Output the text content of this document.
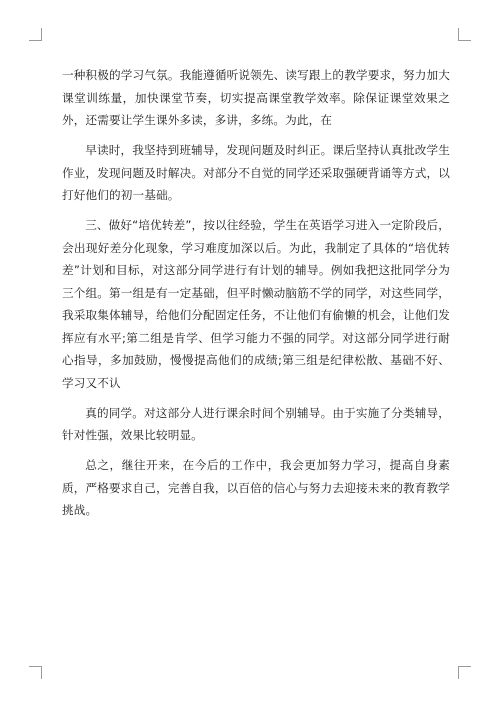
一种积极的学习气氛。我能遵循听说领先、读写跟上的教学要求，努力加大课堂训练量，加快课堂节奏，切实提高课堂教学效率。除保证课堂效果之外，还需要让学生课外多读，多讲，多练。为此，在

早读时，我坚持到班辅导，发现问题及时纠正。课后坚持认真批改学生作业，发现问题及时解决。对部分不自觉的同学还采取强硬背诵等方式，以打好他们的初一基础。

三、做好“培优转差”，按以往经验，学生在英语学习进入一定阶段后，会出现好差分化现象，学习难度加深以后。为此，我制定了具体的“培优转差”计划和目标，对这部分同学进行有计划的辅导。例如我把这批同学分为三个组。第一组是有一定基础，但平时懒动脑筋不学的同学，对这些同学，我采取集体辅导，给他们分配固定任务，不让他们有偷懒的机会，让他们发挥应有水平;第二组是肯学、但学习能力不强的同学。对这部分同学进行耐心指导，多加鼓励，慢慢提高他们的成绩;第三组是纪律松散、基础不好、学习又不认

真的同学。对这部分人进行课余时间个别辅导。由于实施了分类辅导，针对性强，效果比较明显。

总之，继往开来，在今后的工作中，我会更加努力学习，提高自身素质，严格要求自己，完善自我，以百倍的信心与努力去迎接未来的教育教学挑战。
